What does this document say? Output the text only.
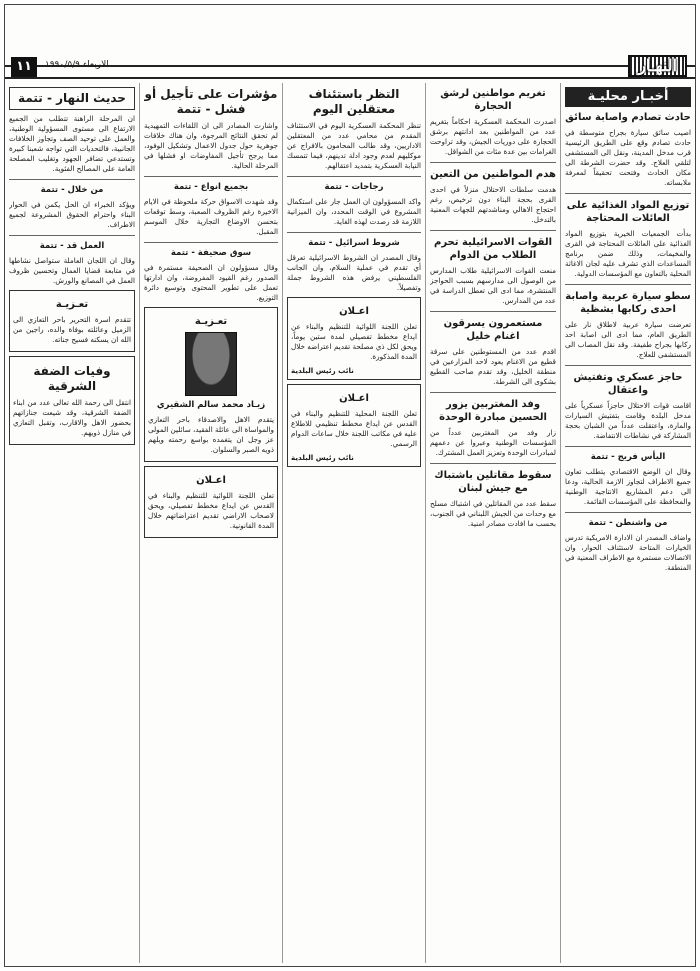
النهـار
١١	الاربعاء ١٩٩٠/٥/٩
أخبـار محليـة
حادث تصادم واصابة سائق

اصيب سائق سيارة بجراح متوسطة في حادث تصادم وقع على الطريق الرئيسية قرب مدخل المدينة، ونقل الى المستشفى لتلقي العلاج. وقد حضرت الشرطة الى مكان الحادث وفتحت تحقيقاً لمعرفة ملابساته.

توزيع المواد الغذائية على العائلات المحتاجة

بدأت الجمعيات الخيرية بتوزيع المواد الغذائية على العائلات المحتاجة في القرى والمخيمات، وذلك ضمن برنامج المساعدات الذي تشرف عليه لجان الاغاثة المحلية بالتعاون مع المؤسسات الدولية.

سطو سيارة عربية واصابة احدى ركابها بشظية

تعرضت سيارة عربية لاطلاق نار على الطريق العام، مما ادى الى اصابة احد ركابها بجراح طفيفة. وقد نقل المصاب الى المستشفى للعلاج.

حاجز عسكري وتفتيش واعتقال

اقامت قوات الاحتلال حاجزاً عسكرياً على مدخل البلدة وقامت بتفتيش السيارات والمارة، واعتقلت عدداً من الشبان بحجة المشاركة في نشاطات الانتفاضة.

اليأس فريج - تتمة

وقال ان الوضع الاقتصادي يتطلب تعاون جميع الاطراف لتجاوز الازمة الحالية، ودعا الى دعم المشاريع الانتاجية الوطنية والمحافظة على المؤسسات القائمة.

من واشنطن - تتمة

واضاف المصدر ان الادارة الامريكية تدرس الخيارات المتاحة لاستئناف الحوار، وان الاتصالات مستمرة مع الاطراف المعنية في المنطقة.

تغريم مواطنين لرشق الحجارة

اصدرت المحكمة العسكرية احكاماً بتغريم عدد من المواطنين بعد ادانتهم برشق الحجارة على دوريات الجيش، وقد تراوحت الغرامات بين عدة مئات من الشواقل.

هدم المواطنين من التعين

هدمت سلطات الاحتلال منزلاً في احدى القرى بحجة البناء دون ترخيص، رغم احتجاج الاهالي ومناشدتهم للجهات المعنية بالتدخل.

القوات الاسرائيلية تحرم الطلاب من الدوام

منعت القوات الاسرائيلية طلاب المدارس من الوصول الى مدارسهم بسبب الحواجز المنتشرة، مما ادى الى تعطل الدراسة في عدد من المدارس.

مستعمرون يسرقون اغنام خليل

اقدم عدد من المستوطنين على سرقة قطيع من الاغنام يعود لاحد المزارعين في منطقة الخليل، وقد تقدم صاحب القطيع بشكوى الى الشرطة.

وفد المغتربين يزور الحسين مبادرة الوحدة

زار وفد من المغتربين عدداً من المؤسسات الوطنية وعبروا عن دعمهم لمبادرات الوحدة وتعزيز العمل المشترك.

سقوط مقاتلين باشتباك مع جيش لبنان

سقط عدد من المقاتلين في اشتباك مسلح مع وحدات من الجيش اللبناني في الجنوب، بحسب ما افادت مصادر امنية.

التظر باستئناف معتقلين اليوم

تنظر المحكمة العسكرية اليوم في الاستئناف المقدم من محامي عدد من المعتقلين الاداريين، وقد طالب المحامون بالافراج عن موكليهم لعدم وجود ادلة تدينهم، فيما تتمسك النيابة العسكرية بتمديد اعتقالهم.

رجاجات - تتمة

واكد المسؤولون ان العمل جار على استكمال المشروع في الوقت المحدد، وان الميزانية اللازمة قد رصدت لهذه الغاية.

شروط اسرائيل - تتمة

وقال المصدر ان الشروط الاسرائيلية تعرقل أي تقدم في عملية السلام، وان الجانب الفلسطيني يرفض هذه الشروط جملة وتفصيلاً.

اعـلان

تعلن اللجنة اللوائية للتنظيم والبناء عن ايداع مخطط تفصيلي لمدة ستين يوماً، ويحق لكل ذي مصلحة تقديم اعتراضه خلال المدة المذكورة.

نائب رئيس البلدية
اعـلان

تعلن اللجنة المحلية للتنظيم والبناء في القدس عن ايداع مخطط تنظيمي للاطلاع عليه في مكاتب اللجنة خلال ساعات الدوام الرسمي.

نائب رئيس البلدية
مؤشرات على تأجيل أو فشل - تتمة

واشارت المصادر الى ان اللقاءات التمهيدية لم تحقق النتائج المرجوة، وان هناك خلافات جوهرية حول جدول الاعمال وتشكيل الوفود، مما يرجح تأجيل المفاوضات او فشلها في المرحلة الحالية.

بجميع انواع - تتمة

وقد شهدت الاسواق حركة ملحوظة في الايام الاخيرة رغم الظروف الصعبة، وسط توقعات بتحسن الاوضاع التجارية خلال الموسم المقبل.

سوق صحيفة - تتمة

وقال مسؤولون ان الصحيفة مستمرة في الصدور رغم القيود المفروضة، وان ادارتها تعمل على تطوير المحتوى وتوسيع دائرة التوزيع.

تعـزيـة
زيـاد محمد سالم الشقيري

يتقدم الاهل والاصدقاء باحر التعازي والمواساة الى عائلة الفقيد، سائلين المولى عز وجل ان يتغمده بواسع رحمته ويلهم ذويه الصبر والسلوان.

اعـلان

تعلن اللجنة اللوائية للتنظيم والبناء في القدس عن ايداع مخطط تفصيلي، ويحق لاصحاب الاراضي تقديم اعتراضاتهم خلال المدة القانونية.

حديث النهار - تتمة

ان المرحلة الراهنة تتطلب من الجميع الارتفاع الى مستوى المسؤولية الوطنية، والعمل على توحيد الصف وتجاوز الخلافات الجانبية، فالتحديات التي تواجه شعبنا كبيرة وتستدعي تضافر الجهود وتغليب المصلحة العامة على المصالح الفئوية.

من خلال - تتمة

ويؤكد الخبراء ان الحل يكمن في الحوار البناء واحترام الحقوق المشروعة لجميع الاطراف.

العمل قد - تتمة

وقال ان اللجان العاملة ستواصل نشاطها في متابعة قضايا العمال وتحسين ظروف العمل في المصانع والورش.

تعـزيـة

تتقدم اسرة التحرير باحر التعازي الى الزميل وعائلته بوفاة والده، راجين من الله ان يسكنه فسيح جناته.

وفيات الضفة الشرقية

انتقل الى رحمة الله تعالى عدد من ابناء الضفة الشرقية، وقد شيعت جنازاتهم بحضور الاهل والاقارب، وتقبل التعازي في منازل ذويهم.
